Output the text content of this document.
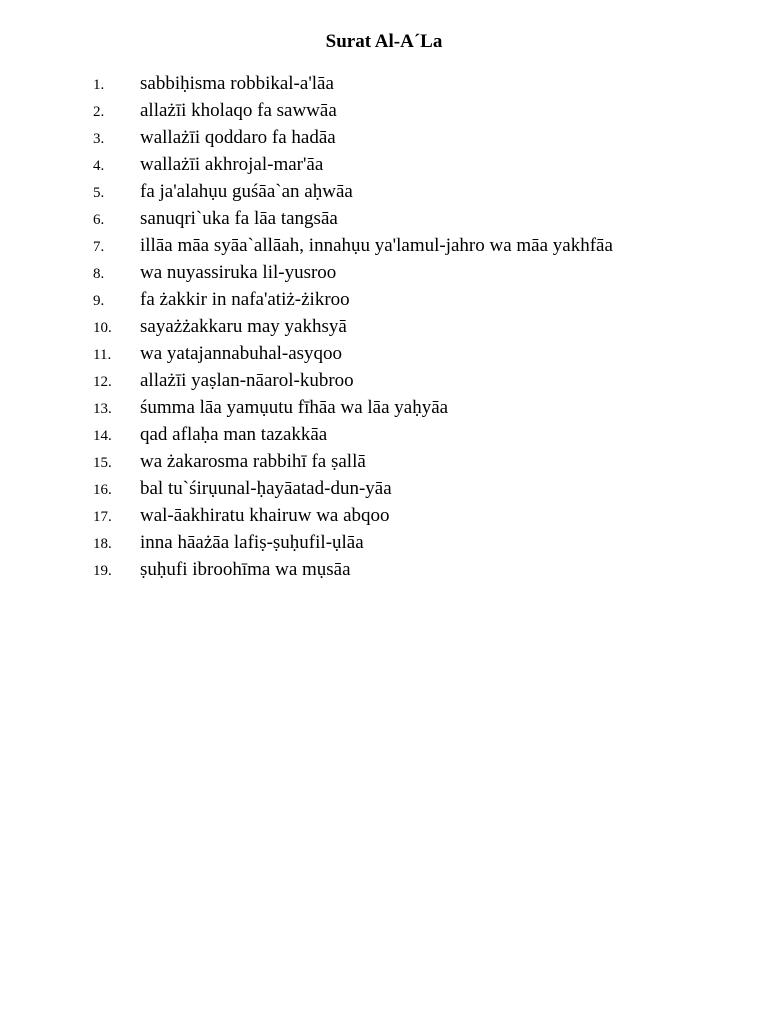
Surat Al-A´La
1.	sabbiḥisma robbikal-a'lāa
2.	allażīi kholaqo fa sawwāa
3.	wallażīi qoddaro fa hadāa
4.	wallażīi akhrojal-mar'āa
5.	fa ja'alahụu guśāa`an aḥwāa
6.	sanuqri`uka fa lāa tangsāa
7.	illāa māa syāa`allāah, innahụu ya'lamul-jahro wa māa yakhfāa
8.	wa nuyassiruka lil-yusroo
9.	fa żakkir in nafa'atiż-żikroo
10.	sayażżakkaru may yakhsyā
11.	wa yatajannabuhal-asyqoo
12.	allażīi yaṣlan-nāarol-kubroo
13.	śumma lāa yamụutu fīhāa wa lāa yaḥyāa
14.	qad aflaḥa man tazakkāa
15.	wa żakarosma rabbihī fa ṣallā
16.	bal tu`śirụunal-ḥayāatad-dun-yāa
17.	wal-āakhiratu khairuw wa abqoo
18.	inna hāażāa lafiṣ-ṣuḥufil-ụlāa
19.	ṣuḥufi ibroohīma wa mụsāa
